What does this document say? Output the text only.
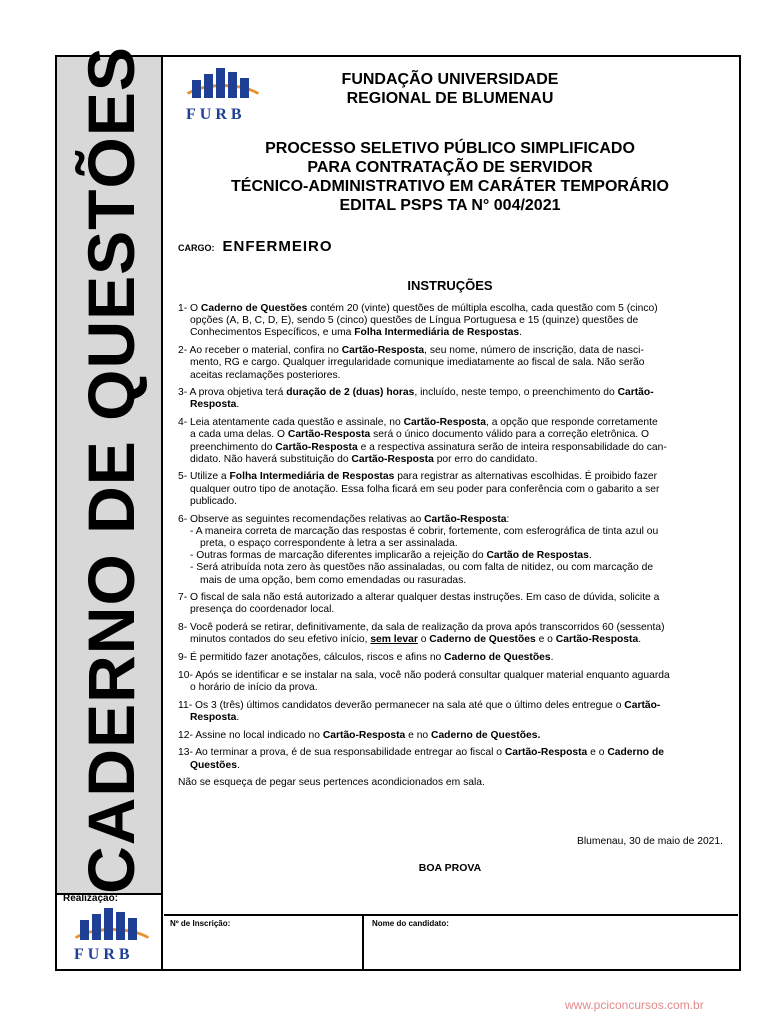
CADERNO DE QUESTÕES
Realização:
FURB
FURB
FUNDAÇÃO UNIVERSIDADE
REGIONAL DE BLUMENAU
PROCESSO SELETIVO PÚBLICO SIMPLIFICADO
PARA CONTRATAÇÃO DE SERVIDOR
TÉCNICO-ADMINISTRATIVO EM CARÁTER TEMPORÁRIO
EDITAL PSPS TA N° 004/2021
CARGO: ENFERMEIRO
INSTRUÇÕES
1- O Caderno de Questões contém 20 (vinte) questões de múltipla escolha, cada questão com 5 (cinco)
opções (A, B, C, D, E), sendo 5 (cinco) questões de Língua Portuguesa e 15 (quinze) questões de
Conhecimentos Específicos, e uma Folha Intermediária de Respostas.
2- Ao receber o material, confira no Cartão-Resposta, seu nome, número de inscrição, data de nasci-
mento, RG e cargo. Qualquer irregularidade comunique imediatamente ao fiscal de sala. Não serão
aceitas reclamações posteriores.
3- A prova objetiva terá duração de 2 (duas) horas, incluído, neste tempo, o preenchimento do Cartão-
Resposta.
4- Leia atentamente cada questão e assinale, no Cartão-Resposta, a opção que responde corretamente
a cada uma delas. O Cartão-Resposta será o único documento válido para a correção eletrônica. O
preenchimento do Cartão-Resposta e a respectiva assinatura serão de inteira responsabilidade do can-
didato. Não haverá substituição do Cartão-Resposta por erro do candidato.
5- Utilize a Folha Intermediária de Respostas para registrar as alternativas escolhidas. É proibido fazer
qualquer outro tipo de anotação. Essa folha ficará em seu poder para conferência com o gabarito a ser
publicado.
6- Observe as seguintes recomendações relativas ao Cartão-Resposta:
- A maneira correta de marcação das respostas é cobrir, fortemente, com esferográfica de tinta azul ou
preta, o espaço correspondente à letra a ser assinalada.
- Outras formas de marcação diferentes implicarão a rejeição do Cartão de Respostas.
- Será atribuída nota zero às questões não assinaladas, ou com falta de nitidez, ou com marcação de
mais de uma opção, bem como emendadas ou rasuradas.
7- O fiscal de sala não está autorizado a alterar qualquer destas instruções. Em caso de dúvida, solicite a
presença do coordenador local.
8- Você poderá se retirar, definitivamente, da sala de realização da prova após transcorridos 60 (sessenta)
minutos contados do seu efetivo início, sem levar o Caderno de Questões e o Cartão-Resposta.
9- É permitido fazer anotações, cálculos, riscos e afins no Caderno de Questões.
10- Após se identificar e se instalar na sala, você não poderá consultar qualquer material enquanto aguarda
o horário de início da prova.
11- Os 3 (três) últimos candidatos deverão permanecer na sala até que o último deles entregue o Cartão-
Resposta.
12- Assine no local indicado no Cartão-Resposta e no Caderno de Questões.
13- Ao terminar a prova, é de sua responsabilidade entregar ao fiscal o Cartão-Resposta e o Caderno de
Questões.
Não se esqueça de pegar seus pertences acondicionados em sala.
Blumenau, 30 de maio de 2021.
BOA PROVA
Nº de Inscrição:	Nome do candidato:
www.pciconcursos.com.br
